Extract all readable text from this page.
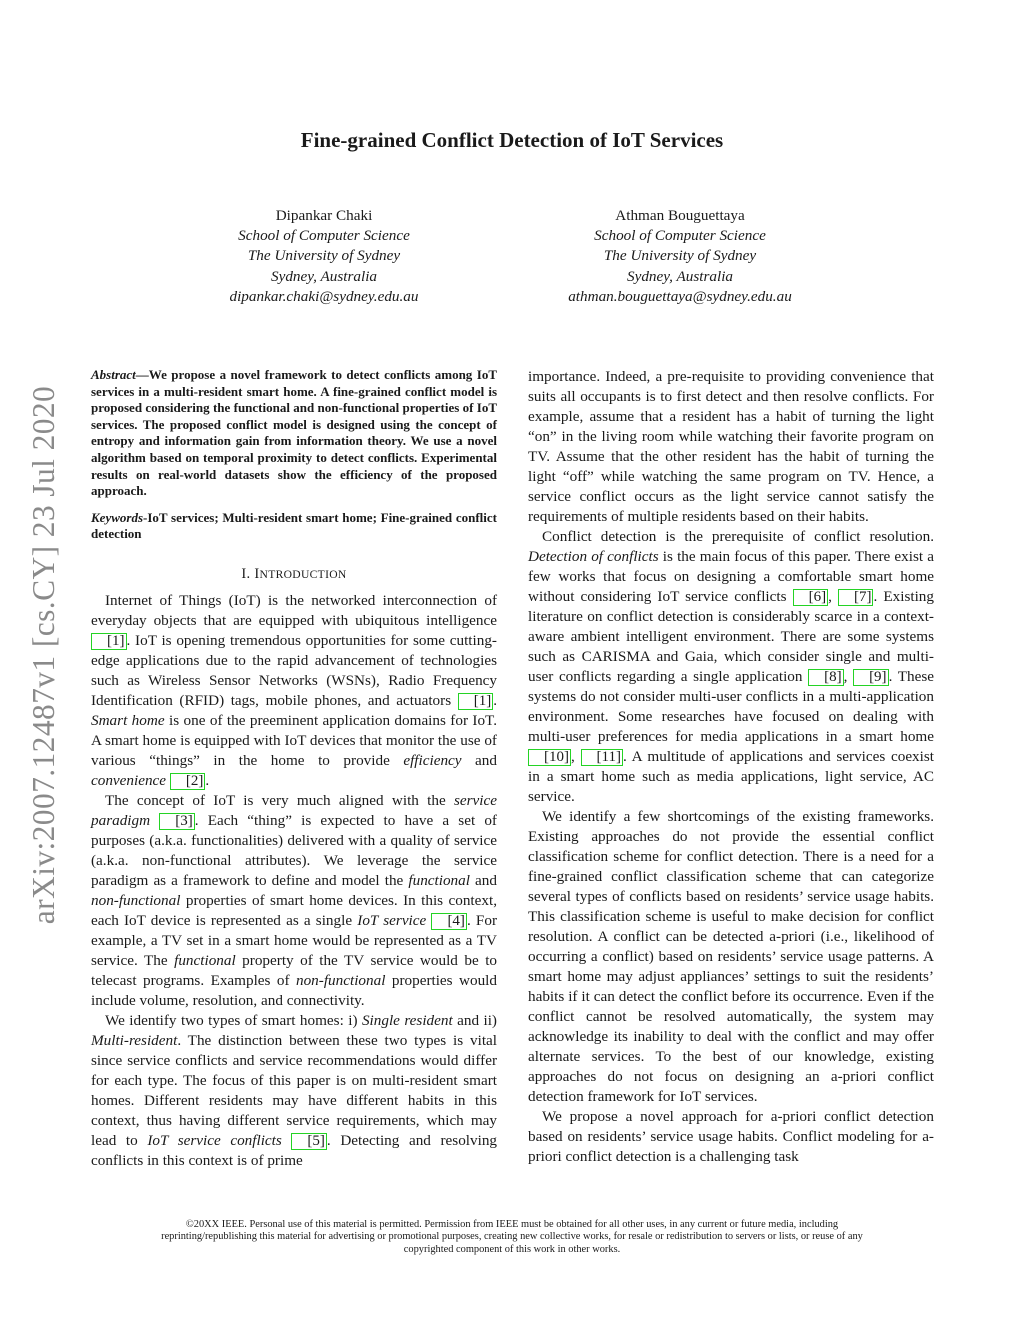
arXiv:2007.12487v1 [cs.CY] 23 Jul 2020
Fine-grained Conflict Detection of IoT Services
Dipankar Chaki
School of Computer Science
The University of Sydney
Sydney, Australia
dipankar.chaki@sydney.edu.au
Athman Bouguettaya
School of Computer Science
The University of Sydney
Sydney, Australia
athman.bouguettaya@sydney.edu.au

Abstract—We propose a novel framework to detect conflicts among IoT services in a multi-resident smart home. A fine-grained conflict model is proposed considering the functional and non-functional properties of IoT services. The proposed conflict model is designed using the concept of entropy and information gain from information theory. We use a novel algorithm based on temporal proximity to detect conflicts. Experimental results on real-world datasets show the efficiency of the proposed approach.

Keywords-IoT services; Multi-resident smart home; Fine-grained conflict detection

I. INTRODUCTION

Internet of Things (IoT) is the networked interconnection of everyday objects that are equipped with ubiquitous intelligence [1] . IoT is opening tremendous opportunities for some cutting-edge applications due to the rapid advancement of technologies such as Wireless Sensor Networks (WSNs), Radio Frequency Identification (RFID) tags, mobile phones, and actuators [1] . Smart home is one of the preeminent application domains for IoT. A smart home is equipped with IoT devices that monitor the use of various “things” in the home to provide efficiency and convenience [2] .

The concept of IoT is very much aligned with the service paradigm [3] . Each “thing” is expected to have a set of purposes (a.k.a. functionalities) delivered with a quality of service (a.k.a. non-functional attributes). We leverage the service paradigm as a framework to define and model the functional and non-functional properties of smart home devices. In this context, each IoT device is represented as a single IoT service [4] . For example, a TV set in a smart home would be represented as a TV service. The functional property of the TV service would be to telecast programs. Examples of non-functional properties would include volume, resolution, and connectivity.

We identify two types of smart homes: i) Single resident and ii) Multi-resident. The distinction between these two types is vital since service conflicts and service recommendations would differ for each type. The focus of this paper is on multi-resident smart homes. Different residents may have different habits in this context, thus having different service requirements, which may lead to IoT service conflicts [5] . Detecting and resolving conflicts in this context is of prime

importance. Indeed, a pre-requisite to providing convenience that suits all occupants is to first detect and then resolve conflicts. For example, assume that a resident has a habit of turning the light “on” in the living room while watching their favorite program on TV. Assume that the other resident has the habit of turning the light “off” while watching the same program on TV. Hence, a service conflict occurs as the light service cannot satisfy the requirements of multiple residents based on their habits.

Conflict detection is the prerequisite of conflict resolution. Detection of conflicts is the main focus of this paper. There exist a few works that focus on designing a comfortable smart home without considering IoT service conflicts [6] , [7] . Existing literature on conflict detection is considerably scarce in a context-aware ambient intelligent environment. There are some systems such as CARISMA and Gaia, which consider single and multi-user conflicts regarding a single application [8] , [9] . These systems do not consider multi-user conflicts in a multi-application environment. Some researches have focused on dealing with multi-user preferences for media applications in a smart home [10] , [11] . A multitude of applications and services coexist in a smart home such as media applications, light service, AC service.

We identify a few shortcomings of the existing frameworks. Existing approaches do not provide the essential conflict classification scheme for conflict detection. There is a need for a fine-grained conflict classification scheme that can categorize several types of conflicts based on residents’ service usage habits. This classification scheme is useful to make decision for conflict resolution. A conflict can be detected a-priori (i.e., likelihood of occurring a conflict) based on residents’ service usage patterns. A smart home may adjust appliances’ settings to suit the residents’ habits if it can detect the conflict before its occurrence. Even if the conflict cannot be resolved automatically, the system may acknowledge its inability to deal with the conflict and may offer alternate services. To the best of our knowledge, existing approaches do not focus on designing an a-priori conflict detection framework for IoT services.

We propose a novel approach for a-priori conflict detection based on residents’ service usage habits. Conflict modeling for a-priori conflict detection is a challenging task

©20XX IEEE. Personal use of this material is permitted. Permission from IEEE must be obtained for all other uses, in any current or future media, including
reprinting/republishing this material for advertising or promotional purposes, creating new collective works, for resale or redistribution to servers or lists, or reuse of any
copyrighted component of this work in other works.
